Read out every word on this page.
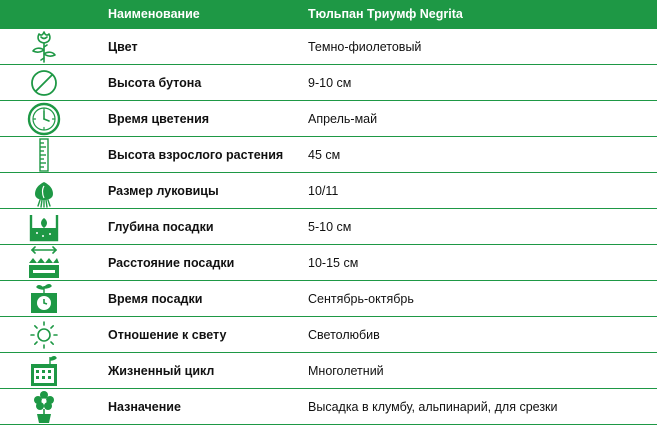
	Наименование	Тюльпан Триумф Negrita

	Цвет	Темно-фиолетовый

	Высота бутона	9-10 см

	Время цветения	Апрель-май

	Высота взрослого растения	45 см

	Размер луковицы	10/11

	Глубина посадки	5-10 см

	Расстояние посадки	10-15 см

	Время посадки	Сентябрь-октябрь

	Отношение к свету	Светолюбив

	Жизненный цикл	Многолетний

	Назначение	Высадка в клумбу, альпинарий, для срезки
